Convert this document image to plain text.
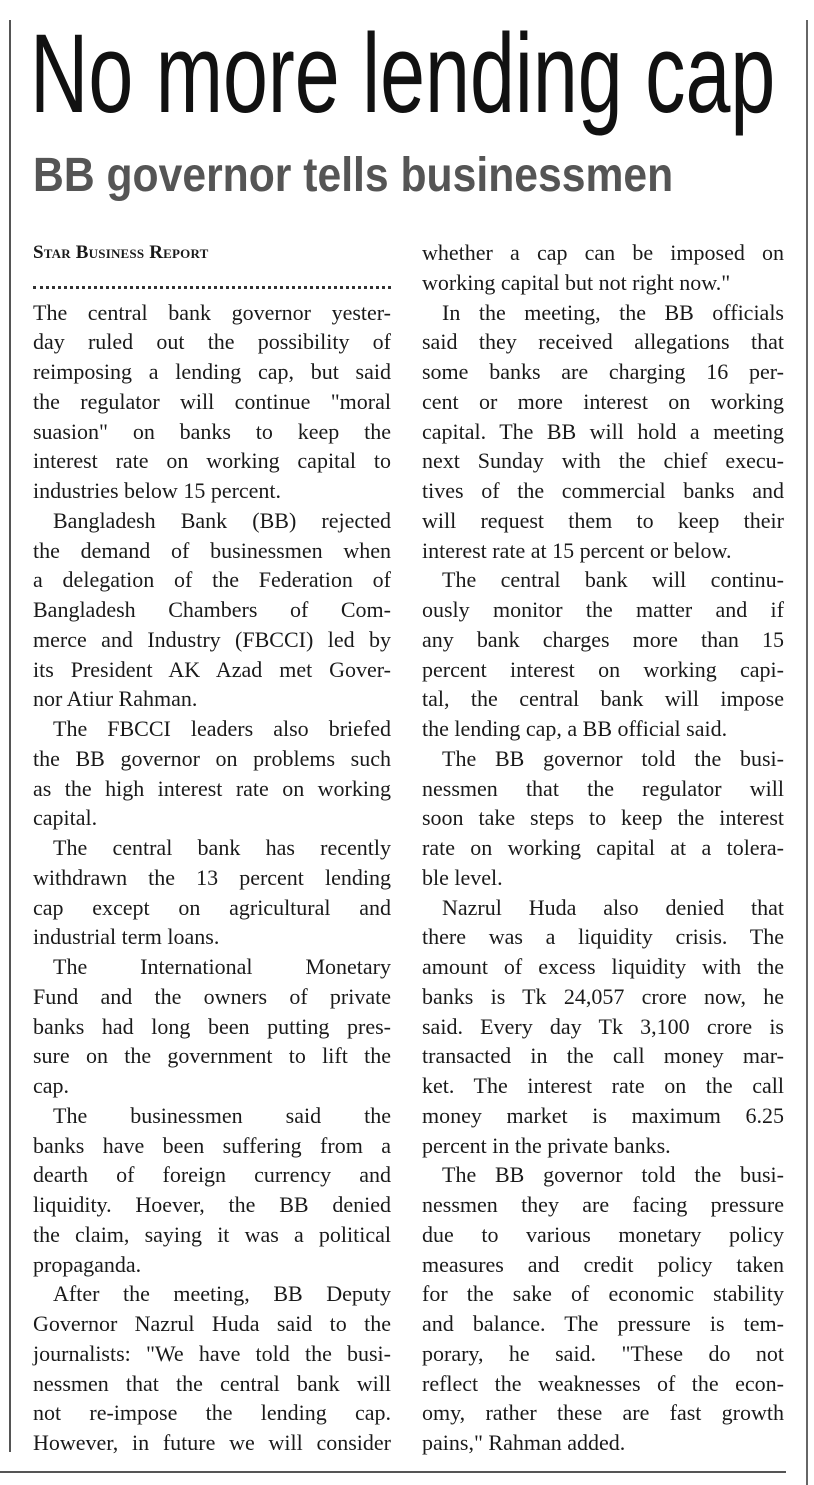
No more lending cap
BB governor tells businessmen
Star Business Report
The central bank governor yester-
day ruled out the possibility of
reimposing a lending cap, but said
the regulator will continue "moral
suasion" on banks to keep the
interest rate on working capital to
industries below 15 percent.
Bangladesh Bank (BB) rejected
the demand of businessmen when
a delegation of the Federation of
Bangladesh Chambers of Com-
merce and Industry (FBCCI) led by
its President AK Azad met Gover-
nor Atiur Rahman.
The FBCCI leaders also briefed
the BB governor on problems such
as the high interest rate on working
capital.
The central bank has recently
withdrawn the 13 percent lending
cap except on agricultural and
industrial term loans.
The International Monetary
Fund and the owners of private
banks had long been putting pres-
sure on the government to lift the
cap.
The businessmen said the
banks have been suffering from a
dearth of foreign currency and
liquidity. Hoever, the BB denied
the claim, saying it was a political
propaganda.
After the meeting, BB Deputy
Governor Nazrul Huda said to the
journalists: "We have told the busi-
nessmen that the central bank will
not re-impose the lending cap.
However, in future we will consider
whether a cap can be imposed on
working capital but not right now."
In the meeting, the BB officials
said they received allegations that
some banks are charging 16 per-
cent or more interest on working
capital. The BB will hold a meeting
next Sunday with the chief execu-
tives of the commercial banks and
will request them to keep their
interest rate at 15 percent or below.
The central bank will continu-
ously monitor the matter and if
any bank charges more than 15
percent interest on working capi-
tal, the central bank will impose
the lending cap, a BB official said.
The BB governor told the busi-
nessmen that the regulator will
soon take steps to keep the interest
rate on working capital at a tolera-
ble level.
Nazrul Huda also denied that
there was a liquidity crisis. The
amount of excess liquidity with the
banks is Tk 24,057 crore now, he
said. Every day Tk 3,100 crore is
transacted in the call money mar-
ket. The interest rate on the call
money market is maximum 6.25
percent in the private banks.
The BB governor told the busi-
nessmen they are facing pressure
due to various monetary policy
measures and credit policy taken
for the sake of economic stability
and balance. The pressure is tem-
porary, he said. "These do not
reflect the weaknesses of the econ-
omy, rather these are fast growth
pains," Rahman added.
